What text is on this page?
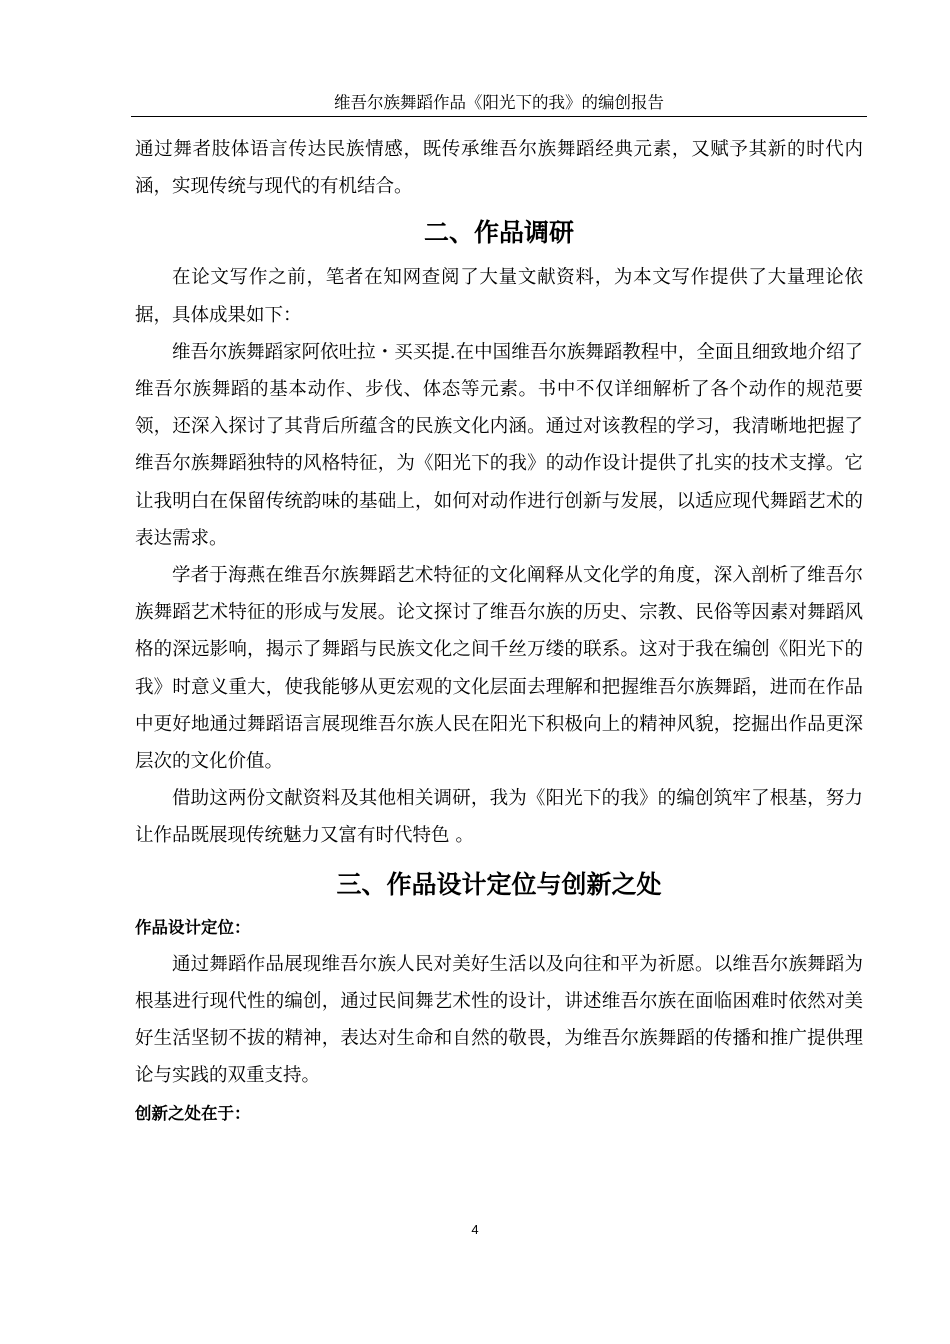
维吾尔族舞蹈作品《阳光下的我》的编创报告

通过舞者肢体语言传达民族情感，既传承维吾尔族舞蹈经典元素，又赋予其新的时代内涵，实现传统与现代的有机结合。

二、作品调研

在论文写作之前，笔者在知网查阅了大量文献资料，为本文写作提供了大量理论依据，具体成果如下：

维吾尔族舞蹈家阿依吐拉・买买提.在中国维吾尔族舞蹈教程中，全面且细致地介绍了维吾尔族舞蹈的基本动作、步伐、体态等元素。书中不仅详细解析了各个动作的规范要领，还深入探讨了其背后所蕴含的民族文化内涵。通过对该教程的学习，我清晰地把握了维吾尔族舞蹈独特的风格特征，为《阳光下的我》的动作设计提供了扎实的技术支撑。它让我明白在保留传统韵味的基础上，如何对动作进行创新与发展，以适应现代舞蹈艺术的表达需求。

学者于海燕在维吾尔族舞蹈艺术特征的文化阐释从文化学的角度，深入剖析了维吾尔族舞蹈艺术特征的形成与发展。论文探讨了维吾尔族的历史、宗教、民俗等因素对舞蹈风格的深远影响，揭示了舞蹈与民族文化之间千丝万缕的联系。这对于我在编创《阳光下的我》时意义重大，使我能够从更宏观的文化层面去理解和把握维吾尔族舞蹈，进而在作品中更好地通过舞蹈语言展现维吾尔族人民在阳光下积极向上的精神风貌，挖掘出作品更深层次的文化价值。

借助这两份文献资料及其他相关调研，我为《阳光下的我》的编创筑牢了根基，努力让作品既展现传统魅力又富有时代特色 。

三、作品设计定位与创新之处

作品设计定位：

通过舞蹈作品展现维吾尔族人民对美好生活以及向往和平为祈愿。以维吾尔族舞蹈为根基进行现代性的编创，通过民间舞艺术性的设计，讲述维吾尔族在面临困难时依然对美好生活坚韧不拔的精神，表达对生命和自然的敬畏，为维吾尔族舞蹈的传播和推广提供理论与实践的双重支持。

创新之处在于：

4
